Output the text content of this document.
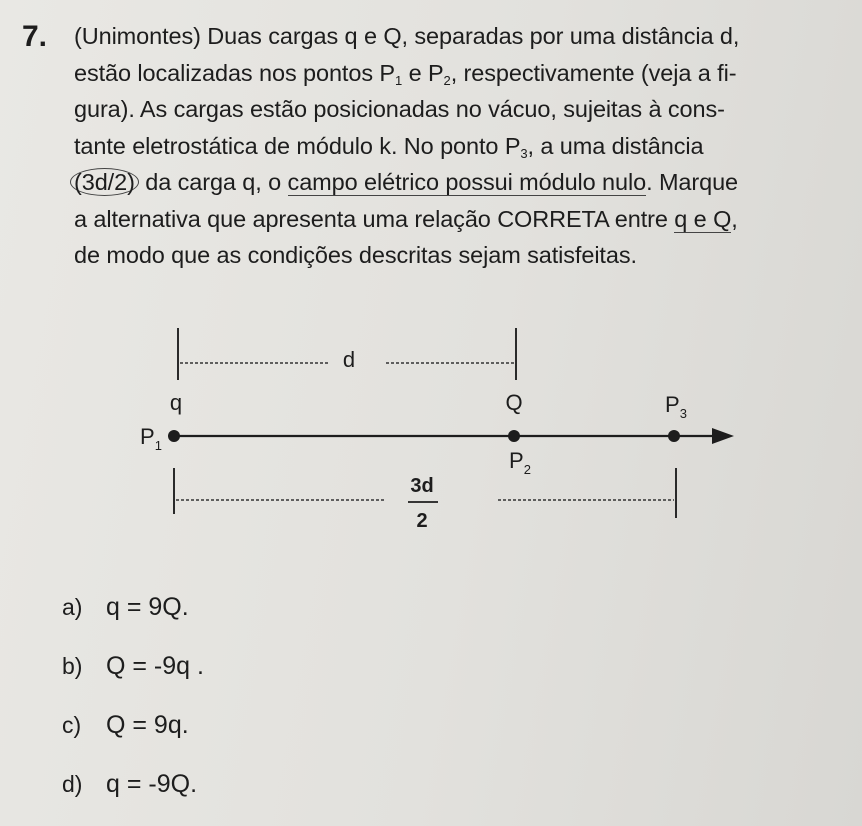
7. (Unimontes) Duas cargas q e Q, separadas por uma distância d,
estão localizadas nos pontos $P_1$ e $P_2$, respectivamente (veja a fi-
gura). As cargas estão posicionadas no vácuo, sujeitas à cons-
tante eletrostática de módulo k. No ponto $P_3$, a uma distância
(3d/2) da carga q, o campo elétrico possui módulo nulo. Marque
a alternativa que apresenta uma relação CORRETA entre q e Q,
de modo que as condições descritas sejam satisfeitas.
d
q	Q	$P_3$
$P_1$
$P_2$
3d
2
a) q = 9Q.
b) Q = -9q .
c) Q = 9q.
d) q = -9Q.
